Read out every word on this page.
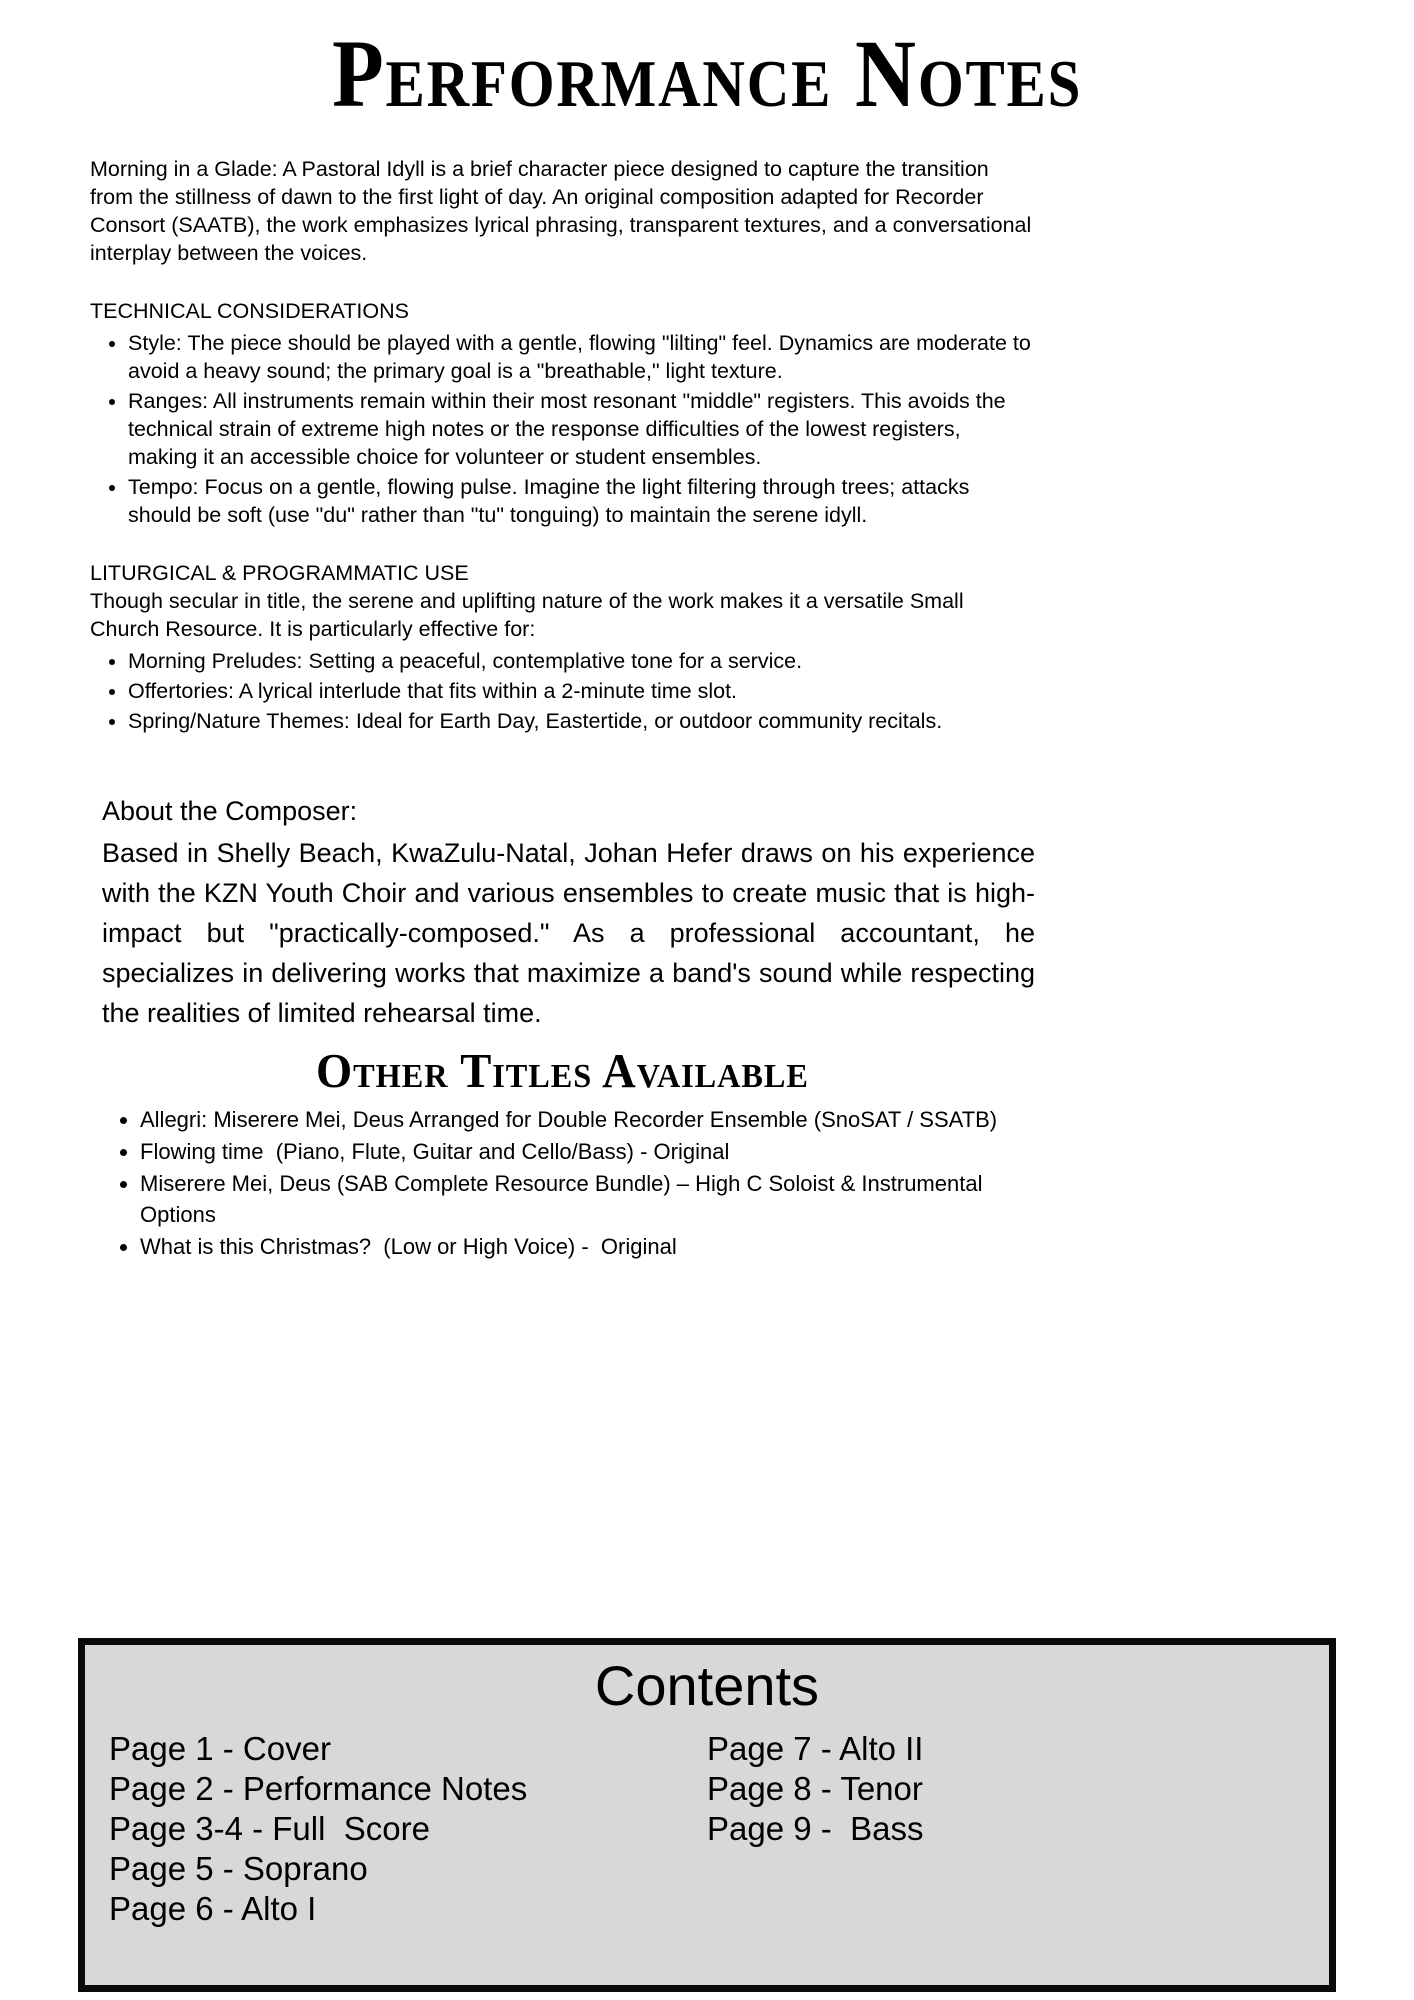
Performance Notes

Morning in a Glade: A Pastoral Idyll is a brief character piece designed to capture the transition from the stillness of dawn to the first light of day. An original composition adapted for Recorder Consort (SAATB), the work emphasizes lyrical phrasing, transparent textures, and a conversational interplay between the voices.

TECHNICAL CONSIDERATIONS
• Style: The piece should be played with a gentle, flowing "lilting" feel. Dynamics are moderate to avoid a heavy sound; the primary goal is a "breathable," light texture.
• Ranges: All instruments remain within their most resonant "middle" registers. This avoids the technical strain of extreme high notes or the response difficulties of the lowest registers, making it an accessible choice for volunteer or student ensembles.
• Tempo: Focus on a gentle, flowing pulse. Imagine the light filtering through trees; attacks should be soft (use "du" rather than "tu" tonguing) to maintain the serene idyll.
LITURGICAL & PROGRAMMATIC USE

Though secular in title, the serene and uplifting nature of the work makes it a versatile Small Church Resource. It is particularly effective for:

• Morning Preludes: Setting a peaceful, contemplative tone for a service.
• Offertories: A lyrical interlude that fits within a 2-minute time slot.
• Spring/Nature Themes: Ideal for Earth Day, Eastertide, or outdoor community recitals.
About the Composer:

Based in Shelly Beach, KwaZulu-Natal, Johan Hefer draws on his experience with the KZN Youth Choir and various ensembles to create music that is high-impact but "practically-composed." As a professional accountant, he specializes in delivering works that maximize a band's sound while respecting the realities of limited rehearsal time.

Other Titles Available
• Allegri: Miserere Mei, Deus Arranged for Double Recorder Ensemble (SnoSAT / SSATB)
• Flowing time  (Piano, Flute, Guitar and Cello/Bass) - Original
• Miserere Mei, Deus (SAB Complete Resource Bundle) – High C Soloist & Instrumental Options
• What is this Christmas?  (Low or High Voice) -  Original
Contents
Page 1 - Cover
Page 2 - Performance Notes
Page 3-4 - Full  Score
Page 5 - Soprano
Page 6 - Alto I
Page 7 - Alto II
Page 8 - Tenor
Page 9 -  Bass
